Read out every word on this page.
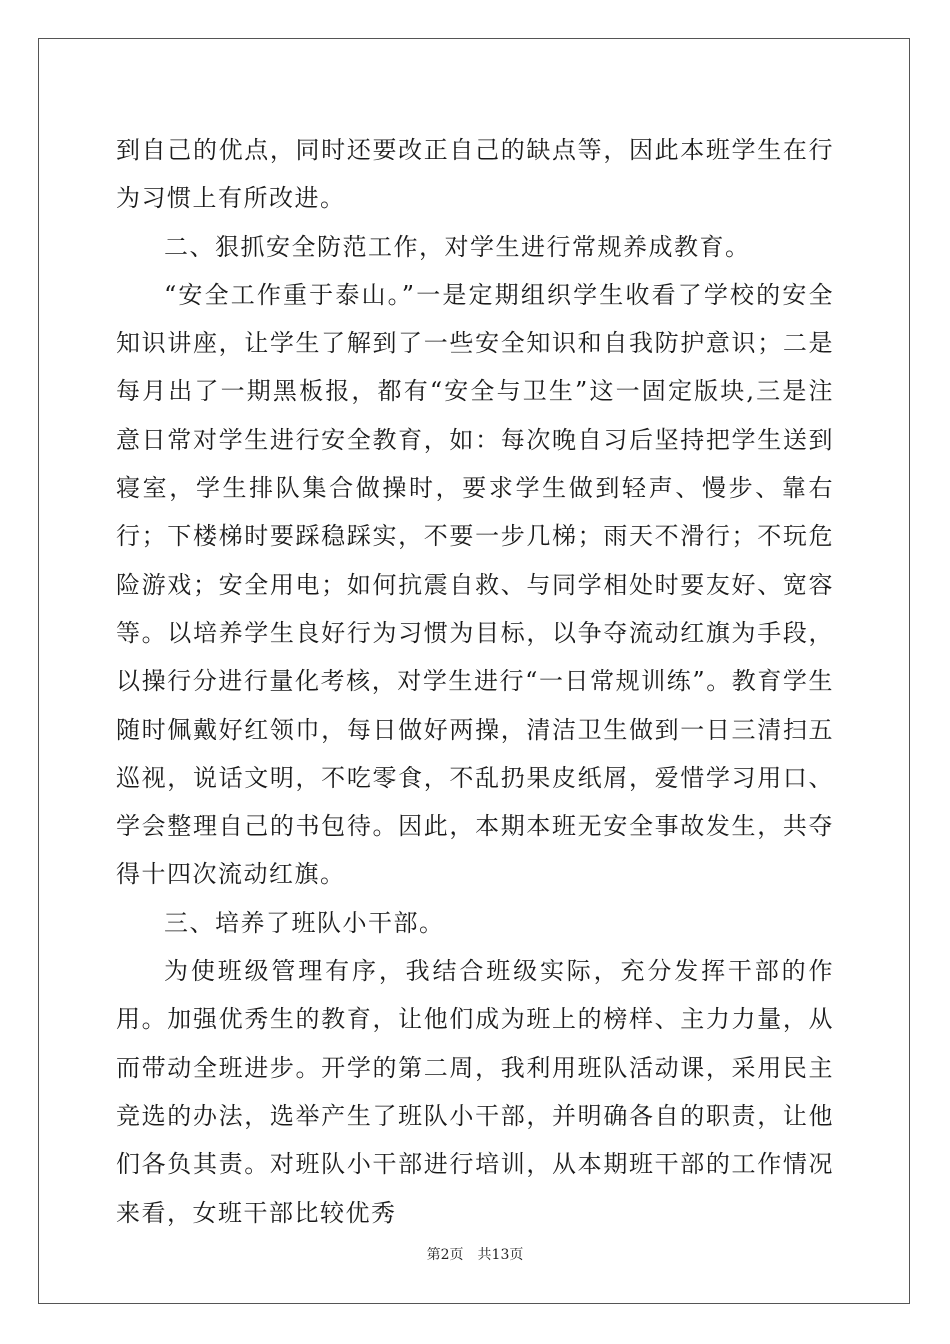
到自己的优点，同时还要改正自己的缺点等，因此本班学生在行为习惯上有所改进。

二、狠抓安全防范工作，对学生进行常规养成教育。

“安全工作重于泰山。”一是定期组织学生收看了学校的安全知识讲座，让学生了解到了一些安全知识和自我防护意识；二是每月出了一期黑板报，都有“安全与卫生”这一固定版块,三是注意日常对学生进行安全教育，如：每次晚自习后坚持把学生送到寝室，学生排队集合做操时，要求学生做到轻声、慢步、靠右行；下楼梯时要踩稳踩实，不要一步几梯；雨天不滑行；不玩危险游戏；安全用电；如何抗震自救、与同学相处时要友好、宽容等。以培养学生良好行为习惯为目标，以争夺流动红旗为手段，以操行分进行量化考核，对学生进行“一日常规训练”。教育学生随时佩戴好红领巾，每日做好两操，清洁卫生做到一日三清扫五巡视，说话文明，不吃零食，不乱扔果皮纸屑，爱惜学习用口、学会整理自己的书包待。因此，本期本班无安全事故发生，共夺得十四次流动红旗。

三、培养了班队小干部。

为使班级管理有序，我结合班级实际，充分发挥干部的作用。加强优秀生的教育，让他们成为班上的榜样、主力力量，从而带动全班进步。开学的第二周，我利用班队活动课，采用民主竞选的办法，选举产生了班队小干部，并明确各自的职责，让他们各负其责。对班队小干部进行培训，从本期班干部的工作情况来看，女班干部比较优秀

第2页 共13页
